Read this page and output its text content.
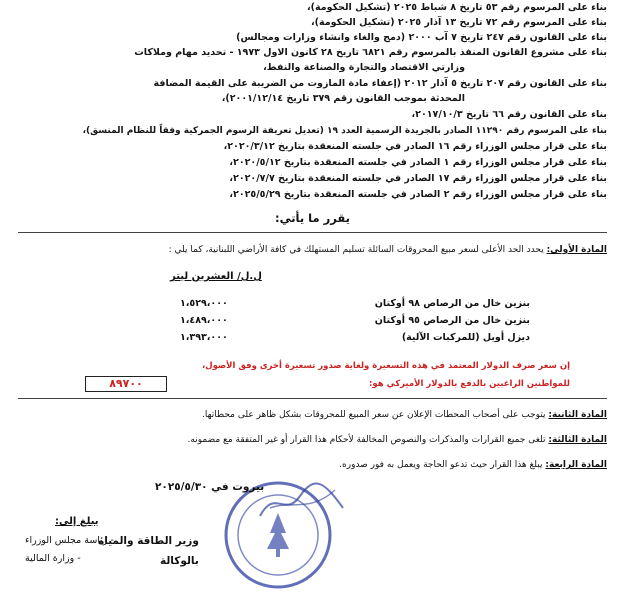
بناء على المرسوم رقم ٥٣ تاريخ ٨ شباط ٢٠٢٥ (تشكيل الحكومة)،
بناء على المرسوم رقم ٧٢ تاريخ ١٣ آذار ٢٠٢٥ (تشكيل الحكومة)،
بناء على القانون رقم ٢٤٧ تاريخ ٧ آب ٢٠٠٠ (دمج والغاء وانشاء وزارات ومجالس)
بناء على مشروع القانون المنفذ بالمرسوم رقم ٦٨٢١ تاريخ ٢٨ كانون الاول ١٩٧٣ - تحديد مهام وملاكات
وزارتي الاقتصاد والتجارة والصناعة والنفط،
بناء على القانون رقم ٢٠٧ تاريخ ٥ آذار ٢٠١٢ (إعفاء مادة المازوت من الضريبة على القيمة المضافة
المحدثة بموجب القانون رقم ٣٧٩ تاريخ ٢٠٠١/١٢/١٤)،
بناء على القانون رقم ٦٦ تاريخ ٢٠١٧/١٠/٣،
بناء على المرسوم رقم ١١٢٩٠ الصادر بالجريدة الرسمية العدد ١٩ (تعديل تعريفة الرسوم الجمركية وفقاً للنظام المنسق)،
بناء على قرار مجلس الوزراء رقم ١٦ الصادر في جلسته المنعقدة بتاريخ ٢٠٢٠/٣/١٢،
بناء على قرار مجلس الوزراء رقم ١ الصادر في جلسته المنعقدة بتاريخ ٢٠٢٠/٥/١٢،
بناء على قرار مجلس الوزراء رقم ١٧ الصادر في جلسته المنعقدة بتاريخ ٢٠٢٠/٧/٧،
بناء على قرار مجلس الوزراء رقم ٢ الصادر في جلسته المنعقدة بتاريخ ٢٠٢٥/٥/٢٩،
يقرر ما يأتي:
المادة الأولى: يحدد الحد الأعلى لسعر مبيع المحروقات السائلة تسليم المستهلك في كافة الأراضي اللبنانية، كما يلي :
ل.ل/ العشرين ليتر
بنزين خال من الرصاص ٩٨ أوكتان
١،٥٢٩،٠٠٠
بنزين خال من الرصاص ٩٥ أوكتان
١،٤٨٩،٠٠٠
ديزل أويل (للمركبات الآلية)
١،٣٩٣،٠٠٠
إن سعر صرف الدولار المعتمد في هذه التسعيرة ولغاية صدور تسعيرة أخرى وفق الأصول،
للمواطنين الراغبين بالدفع بالدولار الأميركي هو:
٨٩٧٠٠
المادة الثانية: يتوجب على أصحاب المحطات الإعلان عن سعر المبيع للمحروقات بشكل ظاهر على محطاتها.
المادة الثالثة: تلغى جميع القرارات والمذكرات والنصوص المخالفة لأحكام هذا القرار أو غير المتفقة مع مضمونه.
المادة الرابعة: يبلغ هذا القرار حيث تدعو الحاجة ويعمل به فور صدوره.
بيروت في ٢٠٢٥/٥/٣٠
وزير الطاقة والمياه
بالوكالة
يبلغ إلى:
- رئاسة مجلس الوزراء
- وزارة المالية
